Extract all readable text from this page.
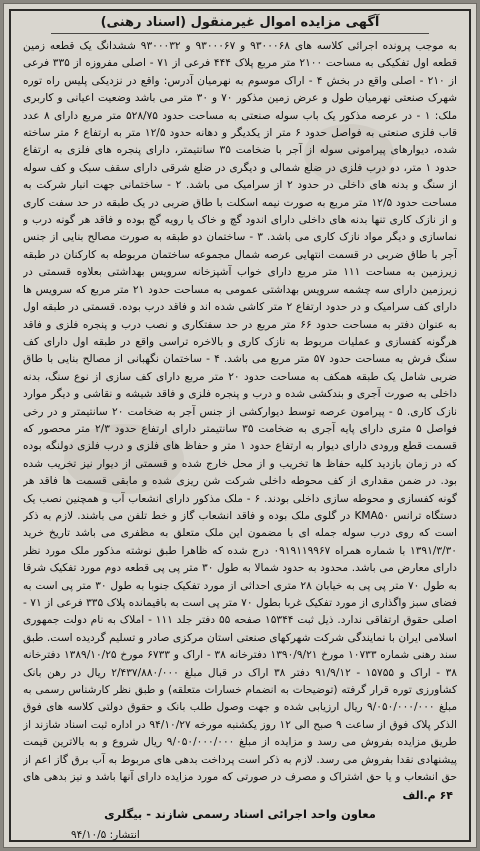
آگهی مزایده اموال غیرمنقول (اسناد رهنی)

به موجب پرونده اجرائی کلاسه های ۹۳۰۰۰۶۸ و ۹۳۰۰۰۶۷ و ۹۳۰۰۰۳۲ ششدانگ یک قطعه زمین قطعه اول تفکیکی به مساحت ۲۱۰۰ متر مربع پلاک ۴۴۴ فرعی از ۷۱ - اصلی مفروزه از ۳۳۵ فرعی از ۲۱۰ - اصلی واقع در بخش ۴ - اراک موسوم به نهرمیان آدرس: واقع در نزدیکی پلیس راه توره شهرک صنعتی نهرمیان طول و عرض زمین مذکور ۷۰ و ۳۰ متر می باشد وضعیت اعیانی و کاربری ملک: ۱ - در عرصه مذکور یک باب سوله صنعتی به مساحت حدود ۵۲۸/۷۵ متر مربع دارای ۸ عدد قاب فلزی صنعتی به فواصل حدود ۶ متر از یکدیگر و دهانه حدود ۱۲/۵ متر به ارتفاع ۶ متر ساخته شده، دیوارهای پیرامونی سوله از آجر با ضخامت ۳۵ سانتیمتر، دارای پنجره های فلزی به ارتفاع حدود ۱ متر، دو درب فلزی در ضلع شمالی و دیگری در ضلع شرقی دارای سقف سبک و کف سوله از سنگ و بدنه های داخلی در حدود ۲ از سرامیک می باشد. ۲ - ساختمانی جهت انبار شرکت به مساحت حدود ۱۲/۵ متر مربع به صورت نیمه اسکلت با طاق ضربی در یک طبقه در حد سفت کاری و از نازک کاری تنها بدنه های داخلی دارای اندود گچ و خاک یا رویه گچ بوده و فاقد هر گونه درب و نماسازی و دیگر مواد نازک کاری می باشد. ۳ - ساختمان دو طبقه به صورت مصالح بنایی از جنس آجر با طاق ضربی در قسمت انتهایی عرصه شمال مجموعه ساختمان مربوطه به کارکنان در طبقه زیرزمین به مساحت ۱۱۱ متر مربع دارای خواب آشپزخانه سرویس بهداشتی بعلاوه قسمتی در زیرزمین دارای سه چشمه سرویس بهداشتی عمومی به مساحت حدود ۲۱ متر مربع که سرویس ها دارای کف سرامیک و در حدود ارتفاع ۲ متر کاشی شده اند و فاقد درب بوده. قسمتی در طبقه اول به عنوان دفتر به مساحت حدود ۶۶ متر مربع در حد سفتکاری و نصب درب و پنجره فلزی و فاقد هرگونه کفسازی و عملیات مربوط به نازک کاری و بالاخره تراسی واقع در طبقه اول دارای کف سنگ فرش به مساحت حدود ۵۷ متر مربع می باشد. ۴ - ساختمان نگهبانی از مصالح بنایی با طاق ضربی شامل یک طبقه همکف به مساحت حدود ۲۰ متر مربع دارای کف سازی از نوع سنگ، بدنه داخلی به صورت آجری و بندکشی شده و درب و پنجره فلزی و فاقد شیشه و نقاشی و دیگر موارد نازک کاری. ۵ - پیرامون عرصه توسط دیوارکشی از جنس آجر به ضخامت ۲۰ سانتیمتر و در رخی فواصل ۵ متری دارای پایه آجری به ضخامت ۳۵ سانتیمتر دارای ارتفاع حدود ۲/۳ متر محصور که قسمت قطع ورودی دارای دیوار به ارتفاع حدود ۱ متر و حفاظ های فلزی و درب فلزی دولنگه بوده که در زمان بازدید کلیه حفاظ ها تخریب و از محل خارج شده و قسمتی از دیوار نیز تخریب شده بود. در ضمن مقداری از کف محوطه داخلی شرکت شن ریزی شده و مابقی قسمت ها فاقد هر گونه کفسازی و محوطه سازی داخلی بودند. ۶ - ملک مذکور دارای انشعاب آب و همچنین نصب یک دستگاه ترانس KMA۵۰ در گلوی ملک بوده و فاقد انشعاب گاز و خط تلفن می باشند. لازم به ذکر است که روی درب سوله جمله ای با مضمون این ملک متعلق به مظفری می باشد تاریخ خرید ۱۳۹۱/۳/۳۰ با شماره همراه ۰۹۱۹۱۱۹۹۶۷ درج شده که ظاهرا طبق نوشته مذکور ملک مورد نظر دارای معارض می باشد. محدود به حدود شمالا به طول ۳۰ متر پی پی قطعه دوم مورد تفکیک شرقا به طول ۷۰ متر پی پی به خیابان ۲۸ متری احداثی از مورد تفکیک جنوبا به طول ۳۰ متر پی است به فضای سبز واگذاری از مورد تفکیک غربا بطول ۷۰ متر پی است به باقیمانده پلاک ۳۳۵ فرعی از ۷۱ - اصلی حقوق ارتفاقی ندارد. ذیل ثبت ۱۵۳۴۴ صفحه ۵۵ دفتر جلد ۱۱۱ - املاک به نام دولت جمهوری اسلامی ایران با نمایندگی شرکت شهرکهای صنعتی استان مرکزی صادر و تسلیم گردیده است. طبق سند رهنی شماره ۱۰۷۳۳ مورخ ۱۳۹۰/۹/۲۱ دفترخانه ۳۸ - اراک و ۶۷۳۳ مورخ ۱۳۸۹/۱۰/۲۵ دفترخانه ۳۸ - اراک و ۱۵۷۵۵ - ۹۱/۹/۱۲ دفتر ۳۸ اراک در قبال مبلغ ۲/۴۳۷/۸۸۰/۰۰۰ ریال در رهن بانک کشاورزی توره قرار گرفته (توضیحات به انضمام خسارات متعلقه) و طبق نظر کارشناس رسمی به مبلغ ۹/۰۵۰/۰۰۰/۰۰۰ ریال ارزیابی شده و جهت وصول طلب بانک و حقوق دولتی کلاسه های فوق الذکر پلاک فوق از ساعت ۹ صبح الی ۱۲ روز یکشنبه مورخه ۹۴/۱۰/۲۷ در اداره ثبت اسناد شازند از طریق مزایده بفروش می رسد و مزایده از مبلغ ۹/۰۵۰/۰۰۰/۰۰۰ ریال شروع و به بالاترین قیمت پیشنهادی نقدا بفروش می رسد. لازم به ذکر است پرداخت بدهی های مربوط به آب برق گاز اعم از حق انشعاب و یا حق اشتراک و مصرف در صورتی که مورد مزایده دارای آنها باشد و نیز بدهی های

۶۴ م.الف
معاون واحد اجرائی اسناد رسمی شازند - بیگلری
انتشار: ۹۴/۱۰/۵
